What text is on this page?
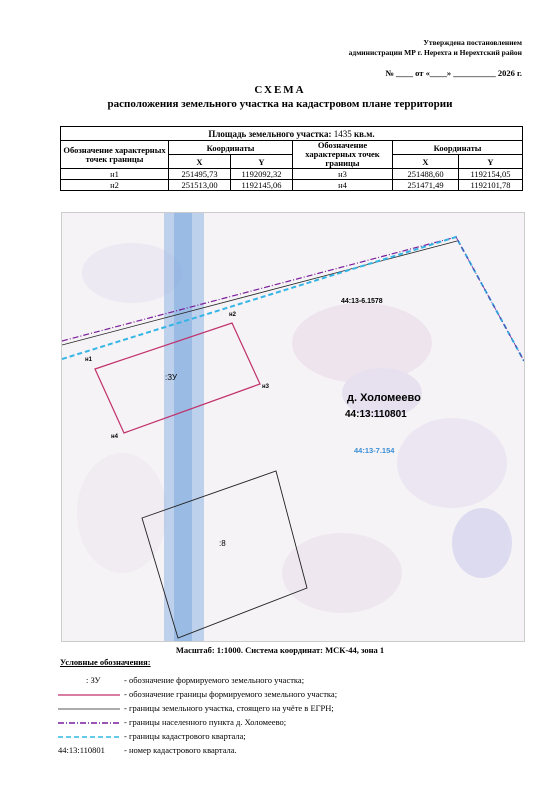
Утверждена постановлением
администрации МР г. Нерехта и Нерехтский район
№ ____ от «____» __________ 2026 г.
СХЕМА
расположения земельного участка на кадастровом плане территории
Площадь земельного участка: 1435 кв.м.					
Обозначение характерных точек границы	Координаты		Обозначение характерных точек границы	Координаты	
	X	Y		X	Y
н1	251495,73	1192092,32	н3	251488,60	1192154,05
н2	251513,00	1192145,06	н4	251471,49	1192101,78
:ЗУ
:8
н1
н2
н3
н4
44:13-6.1578
д. Холомеево
44:13:110801
44:13-7.154
Масштаб: 1:1000. Система координат: МСК-44, зона 1
Условные обозначения:
: ЗУ	- обозначение формируемого земельного участка;
- обозначение границы формируемого земельного участка;
- границы земельного участка, стоящего на учёте в ЕГРН;
- границы населенного пункта д. Холомеево;
- границы кадастрового квартала;
44:13:110801 - номер кадастрового квартала.
